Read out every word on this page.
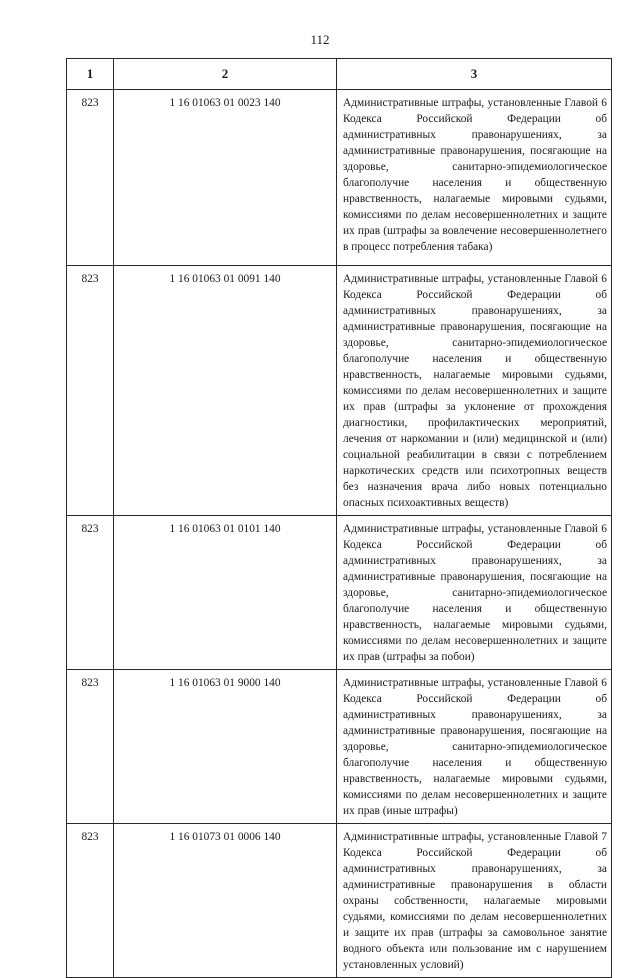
112
1	2	3
823	1 16 01063 01 0023 140	Административные штрафы, установленные Главой 6 Кодекса Российской Федерации об административных правонарушениях, за административные правонарушения, посягающие на здоровье, санитарно-эпидемиологическое благополучие населения и общественную нравственность, налагаемые мировыми судьями, комиссиями по делам несовершеннолетних и защите их прав (штрафы за вовлечение несовершеннолетнего в процесс потребления табака)
823	1 16 01063 01 0091 140	Административные штрафы, установленные Главой 6 Кодекса Российской Федерации об административных правонарушениях, за административные правонарушения, посягающие на здоровье, санитарно-эпидемиологическое благополучие населения и общественную нравственность, налагаемые мировыми судьями, комиссиями по делам несовершеннолетних и защите их прав (штрафы за уклонение от прохождения диагностики, профилактических мероприятий, лечения от наркомании и (или) медицинской и (или) социальной реабилитации в связи с потреблением наркотических средств или психотропных веществ без назначения врача либо новых потенциально опасных психоактивных веществ)
823	1 16 01063 01 0101 140	Административные штрафы, установленные Главой 6 Кодекса Российской Федерации об административных правонарушениях, за административные правонарушения, посягающие на здоровье, санитарно-эпидемиологическое благополучие населения и общественную нравственность, налагаемые мировыми судьями, комиссиями по делам несовершеннолетних и защите их прав (штрафы за побои)
823	1 16 01063 01 9000 140	Административные штрафы, установленные Главой 6 Кодекса Российской Федерации об административных правонарушениях, за административные правонарушения, посягающие на здоровье, санитарно-эпидемиологическое благополучие населения и общественную нравственность, налагаемые мировыми судьями, комиссиями по делам несовершеннолетних и защите их прав (иные штрафы)
823	1 16 01073 01 0006 140	Административные штрафы, установленные Главой 7 Кодекса Российской Федерации об административных правонарушениях, за административные правонарушения в области охраны собственности, налагаемые мировыми судьями, комиссиями по делам несовершеннолетних и защите их прав (штрафы за самовольное занятие водного объекта или пользование им с нарушением установленных условий)
